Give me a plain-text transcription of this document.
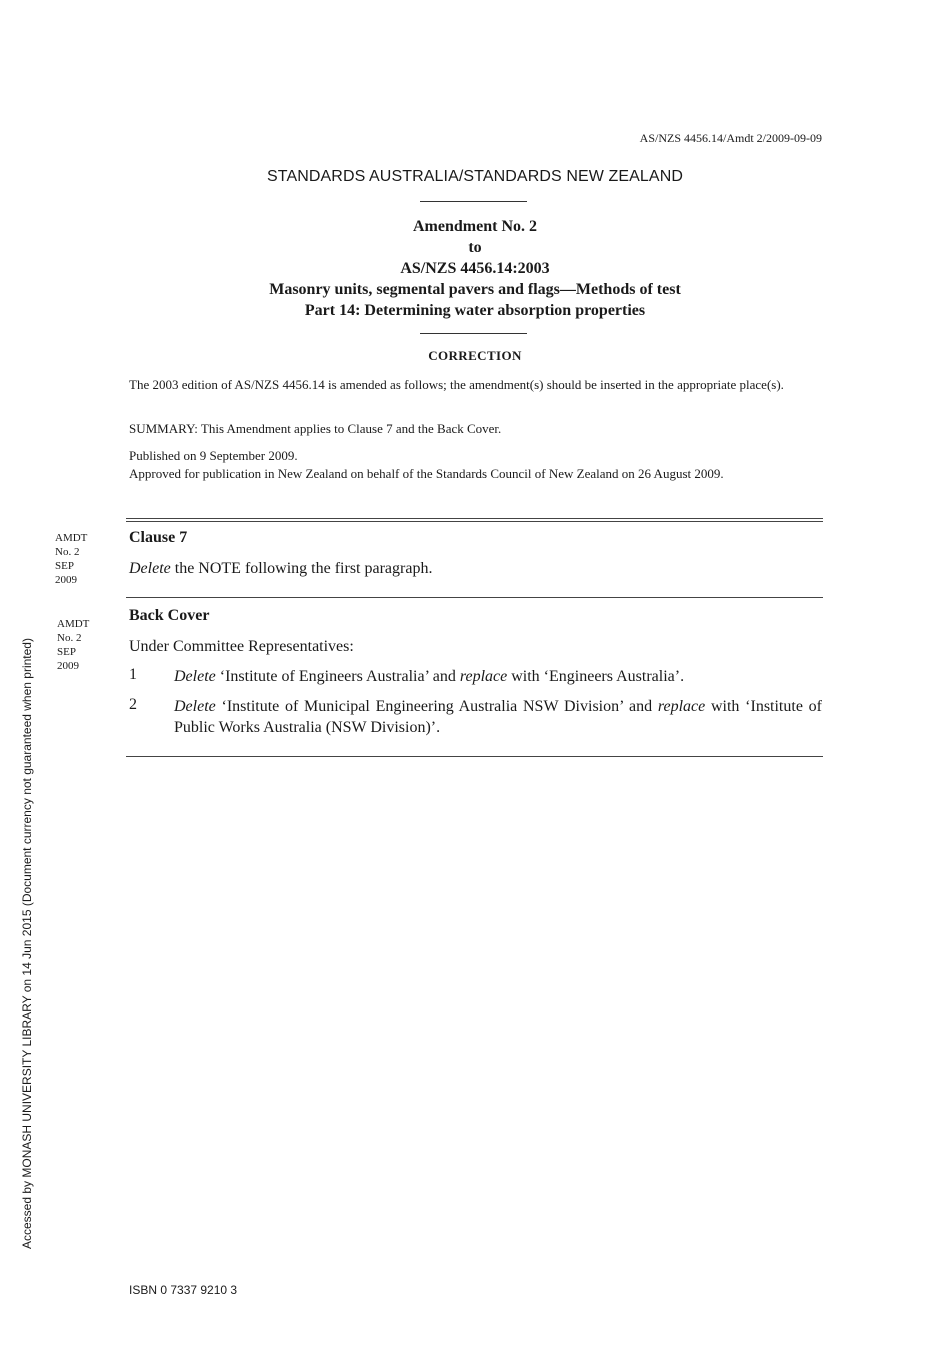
AS/NZS 4456.14/Amdt 2/2009-09-09
STANDARDS AUSTRALIA/STANDARDS NEW ZEALAND
Amendment No. 2
to
AS/NZS 4456.14:2003
Masonry units, segmental pavers and flags—Methods of test
Part 14: Determining water absorption properties
CORRECTION
The 2003 edition of AS/NZS 4456.14 is amended as follows; the amendment(s) should be inserted in the appropriate place(s).
SUMMARY: This Amendment applies to Clause 7 and the Back Cover.
Published on 9 September 2009.
Approved for publication in New Zealand on behalf of the Standards Council of New Zealand on 26 August 2009.
AMDT
No. 2
SEP
2009
Clause 7
Delete the NOTE following the first paragraph.
AMDT
No. 2
SEP
2009
Back Cover
Under Committee Representatives:
1 Delete ‘Institute of Engineers Australia’ and replace with ‘Engineers Australia’.
2 Delete ‘Institute of Municipal Engineering Australia NSW Division’ and replace with ‘Institute of Public Works Australia (NSW Division)’.
Accessed by MONASH UNIVERSITY LIBRARY on 14 Jun 2015 (Document currency not guaranteed when printed)
ISBN 0 7337 9210 3
